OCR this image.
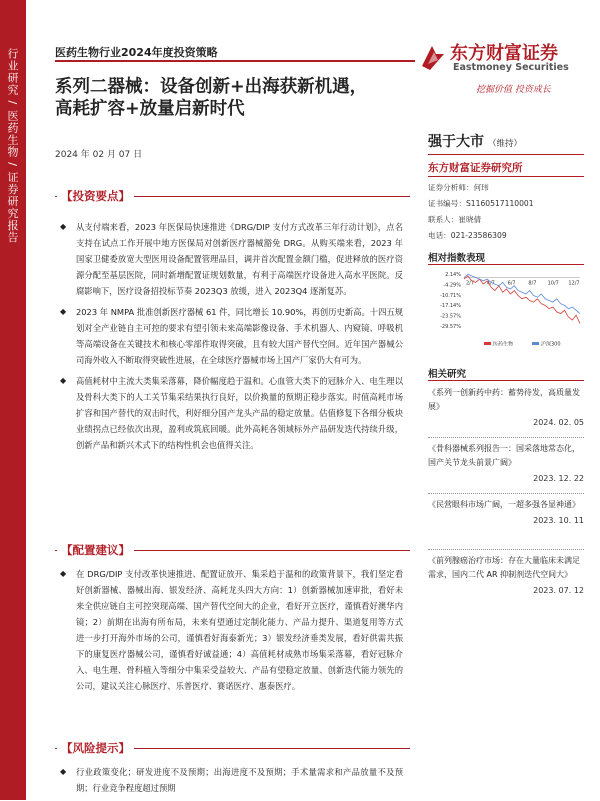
行业研究 / 医药生物 / 证券研究报告	医药生物行业2024年度投资策略	东方财富证券
Eastmoney Securities
挖掘价值 投资成长
系列二器械：设备创新+出海获新机遇，
高耗扩容+放量启新时代
2024 年 02 月 07 日
【投资要点】
◆ 从支付端来看，2023 年医保局快速推进《DRG/DIP 支付方式改革三年行动计划》，点名支持在试点工作开展中地方医保局对创新医疗器械豁免 DRG。从购买端来看，2023 年国家卫健委放宽大型医用设备配置管理品目，调并首次配置金额门槛，促进释放的医疗资源分配至基层医院，同时新增配置证规划数量，有利于高端医疗设备进入高水平医院。反腐影响下，医疗设备招投标节奏 2023Q3 放缓，进入 2023Q4 逐渐复苏。
◆ 2023 年 NMPA 批准创新医疗器械 61 件，同比增长 10.90%，再创历史新高。十四五规划对全产业链自主可控的要求有望引领未来高端影像设备、手术机器人、内窥镜、呼吸机等高端设备在关键技术和核心零部件取得突破，且有较大国产替代空间。近年国产器械公司海外收入不断取得突破性进展，在全球医疗器械市场上国产厂家仍大有可为。
◆ 高值耗材中主流大类集采落幕，降价幅度趋于温和。心血管大类下的冠脉介入、电生理以及骨科大类下的人工关节集采结果执行良好，以价换量的预期正稳步落实。时值高耗市场扩容和国产替代的双击时代，利好细分国产龙头产品的稳定放量。估值修复下各细分板块业绩拐点已经依次出现，盈利或筑底回暖。此外高耗各领域标外产品研发迭代持续升级，创新产品和新兴术式下的结构性机会也值得关注。
【配置建议】
◆ 在 DRG/DIP 支付改革快速推进、配置证放开、集采趋于温和的政策背景下，我们坚定看好创新器械、器械出海、银发经济、高耗龙头四大方向：1）创新器械加速审批，看好未来全供应链自主可控突现高端、国产替代空间大的企业，看好开立医疗，谨慎看好澳华内镜；2）前期在出海有所布局，未来有望通过定制化能力、产品力提升、渠道复用等方式进一步打开海外市场的公司，谨慎看好海泰新光；3）银发经济垂类发展，看好供需共振下的康复医疗器械公司，谨慎看好诚益通；4）高值耗材成熟市场集采落幕，看好冠脉介入、电生理、骨科植入等细分中集采受益较大、产品有望稳定放量、创新迭代能力领先的公司，建议关注心脉医疗、乐普医疗、赛诺医疗、惠泰医疗。
【风险提示】
◆ 行业政策变化；研发进度不及预期；出海进度不及预期；手术量需求和产品放量不及预期；行业竞争程度超过预期
强于大市 （维持）
东方财富证券研究所
证券分析师：何玮
证书编号：S1160517110001
联系人：崔晓倩
电话：021-23586309
相对指数表现
2.14%
-4.29%
-10.71%
-17.14%
-23.57%
-29.57%
2/7	4/7	6/7	8/7 10/7 12/7
医药生物	沪深300
相关研究
《系列一创新药中药：蓄势待发，高质量发展》
2024. 02. 05
《骨科器械系列报告一：国采落地常态化，国产关节龙头前景广阔》
2023. 12. 22
《民营眼科市场广阔，一超多强各显神通》
2023. 10. 11
《前列腺癌治疗市场：存在大量临床未满足需求，国内二代 AR 抑制剂迭代空间大》
2023. 07. 12
